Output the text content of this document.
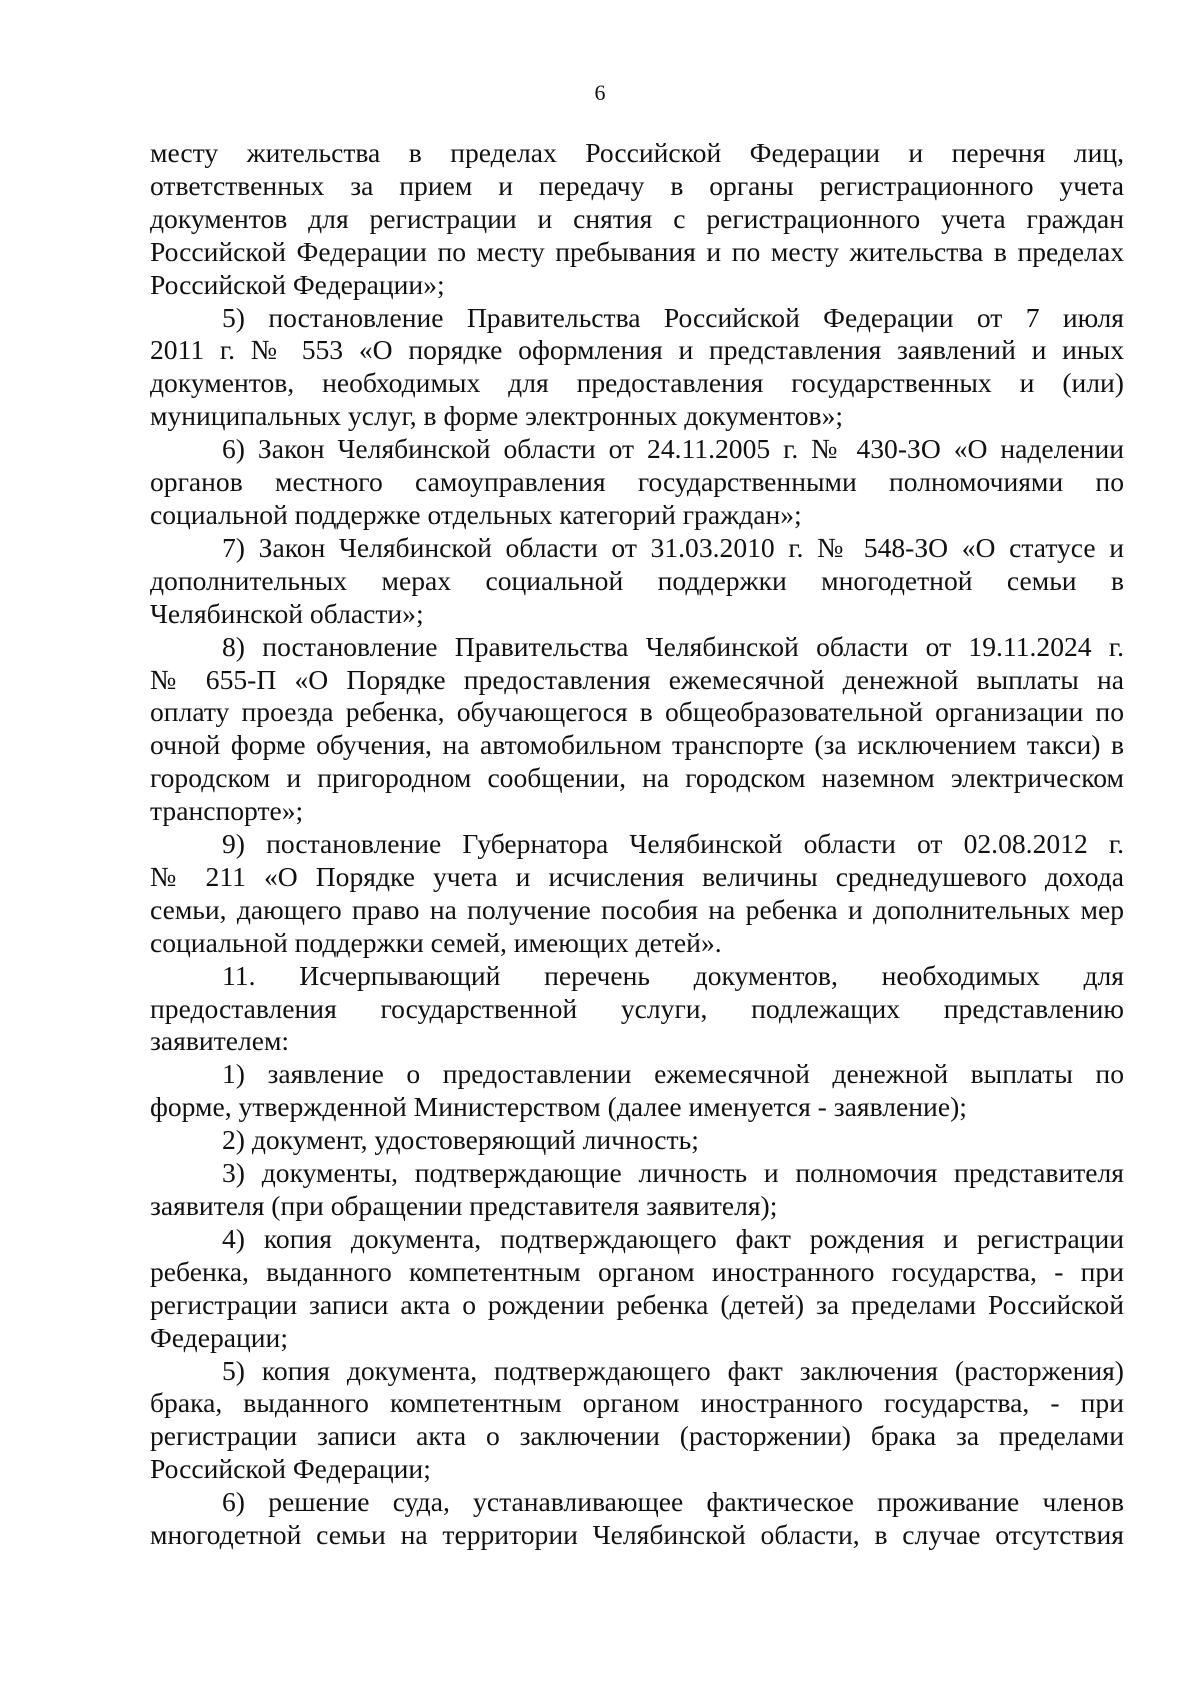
6
месту жительства в пределах Российской Федерации и перечня лиц,
ответственных за прием и передачу в органы регистрационного учета
документов для регистрации и снятия с регистрационного учета граждан
Российской Федерации по месту пребывания и по месту жительства в пределах
Российской Федерации»;
5) постановление Правительства Российской Федерации от 7 июля
2011 г. № 553 «О порядке оформления и представления заявлений и иных
документов, необходимых для предоставления государственных и (или)
муниципальных услуг, в форме электронных документов»;
6) Закон Челябинской области от 24.11.2005 г. № 430-ЗО «О наделении
органов местного самоуправления государственными полномочиями по
социальной поддержке отдельных категорий граждан»;
7) Закон Челябинской области от 31.03.2010 г. № 548-ЗО «О статусе и
дополнительных мерах социальной поддержки многодетной семьи в
Челябинской области»;
8) постановление Правительства Челябинской области от 19.11.2024 г.
№ 655-П «О Порядке предоставления ежемесячной денежной выплаты на
оплату проезда ребенка, обучающегося в общеобразовательной организации по
очной форме обучения, на автомобильном транспорте (за исключением такси) в
городском и пригородном сообщении, на городском наземном электрическом
транспорте»;
9) постановление Губернатора Челябинской области от 02.08.2012 г.
№ 211 «О Порядке учета и исчисления величины среднедушевого дохода
семьи, дающего право на получение пособия на ребенка и дополнительных мер
социальной поддержки семей, имеющих детей».
11. Исчерпывающий перечень документов, необходимых для
предоставления государственной услуги, подлежащих представлению
заявителем:
1) заявление о предоставлении ежемесячной денежной выплаты по
форме, утвержденной Министерством (далее именуется - заявление);
2) документ, удостоверяющий личность;
3) документы, подтверждающие личность и полномочия представителя
заявителя (при обращении представителя заявителя);
4) копия документа, подтверждающего факт рождения и регистрации
ребенка, выданного компетентным органом иностранного государства, - при
регистрации записи акта о рождении ребенка (детей) за пределами Российской
Федерации;
5) копия документа, подтверждающего факт заключения (расторжения)
брака, выданного компетентным органом иностранного государства, - при
регистрации записи акта о заключении (расторжении) брака за пределами
Российской Федерации;
6) решение суда, устанавливающее фактическое проживание членов
многодетной семьи на территории Челябинской области, в случае отсутствия
